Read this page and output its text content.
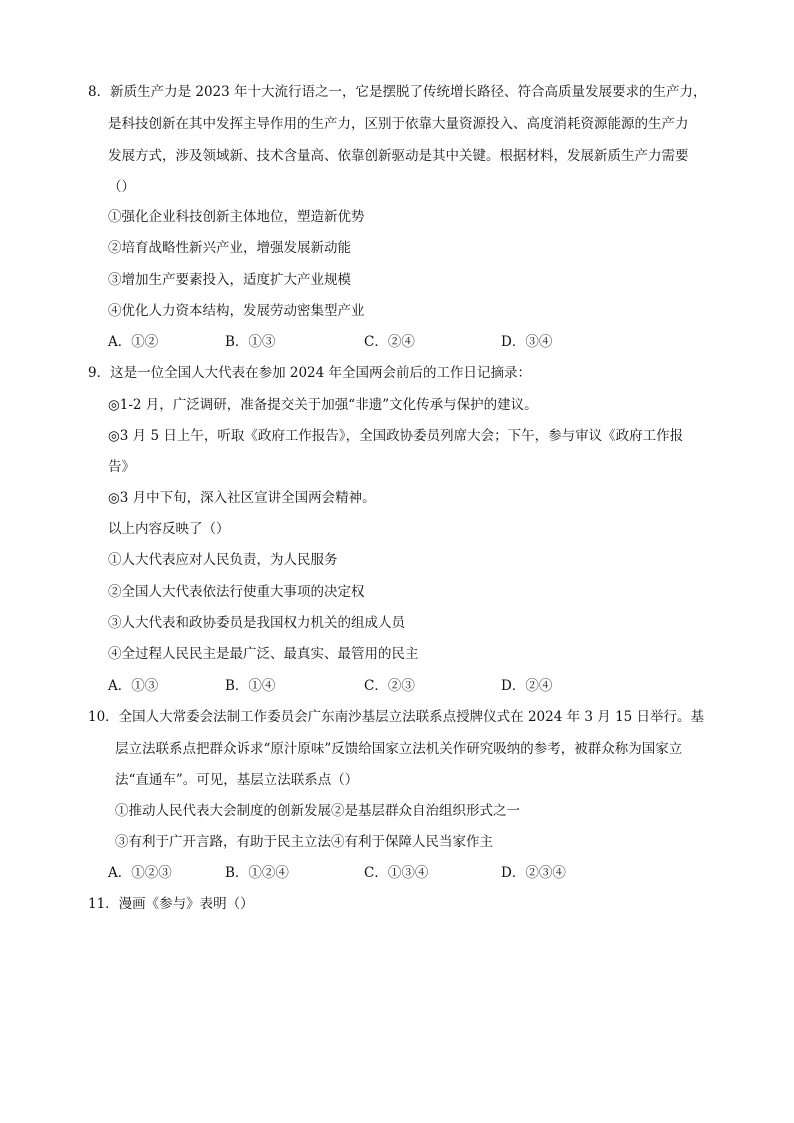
8．新质生产力是 2023 年十大流行语之一，它是摆脱了传统增长路径、符合高质量发展要求的生产力，
是科技创新在其中发挥主导作用的生产力，区别于依靠大量资源投入、高度消耗资源能源的生产力
发展方式，涉及领域新、技术含量高、依靠创新驱动是其中关键。根据材料，发展新质生产力需要
（）
①强化企业科技创新主体地位，塑造新优势
②培育战略性新兴产业，增强发展新动能
③增加生产要素投入，适度扩大产业规模
④优化人力资本结构，发展劳动密集型产业
A．①②	B．①③	C．②④	D．③④
9．这是一位全国人大代表在参加 2024 年全国两会前后的工作日记摘录：
◎1-2 月，广泛调研，准备提交关于加强“非遗”文化传承与保护的建议。
◎3 月 5 日上午，听取《政府工作报告》，全国政协委员列席大会；下午，参与审议《政府工作报
告》
◎3 月中下旬，深入社区宣讲全国两会精神。
以上内容反映了（）
①人大代表应对人民负责，为人民服务
②全国人大代表依法行使重大事项的决定权
③人大代表和政协委员是我国权力机关的组成人员
④全过程人民民主是最广泛、最真实、最管用的民主
A．①③	B．①④	C．②③	D．②④
10．全国人大常委会法制工作委员会广东南沙基层立法联系点授牌仪式在 2024 年 3 月 15 日举行。基
层立法联系点把群众诉求“原汁原味”反馈给国家立法机关作研究吸纳的参考，被群众称为国家立
法“直通车”。可见，基层立法联系点（）
①推动人民代表大会制度的创新发展②是基层群众自治组织形式之一
③有利于广开言路，有助于民主立法④有利于保障人民当家作主
A．①②③	B．①②④	C．①③④	D．②③④
11．漫画《参与》表明（）
